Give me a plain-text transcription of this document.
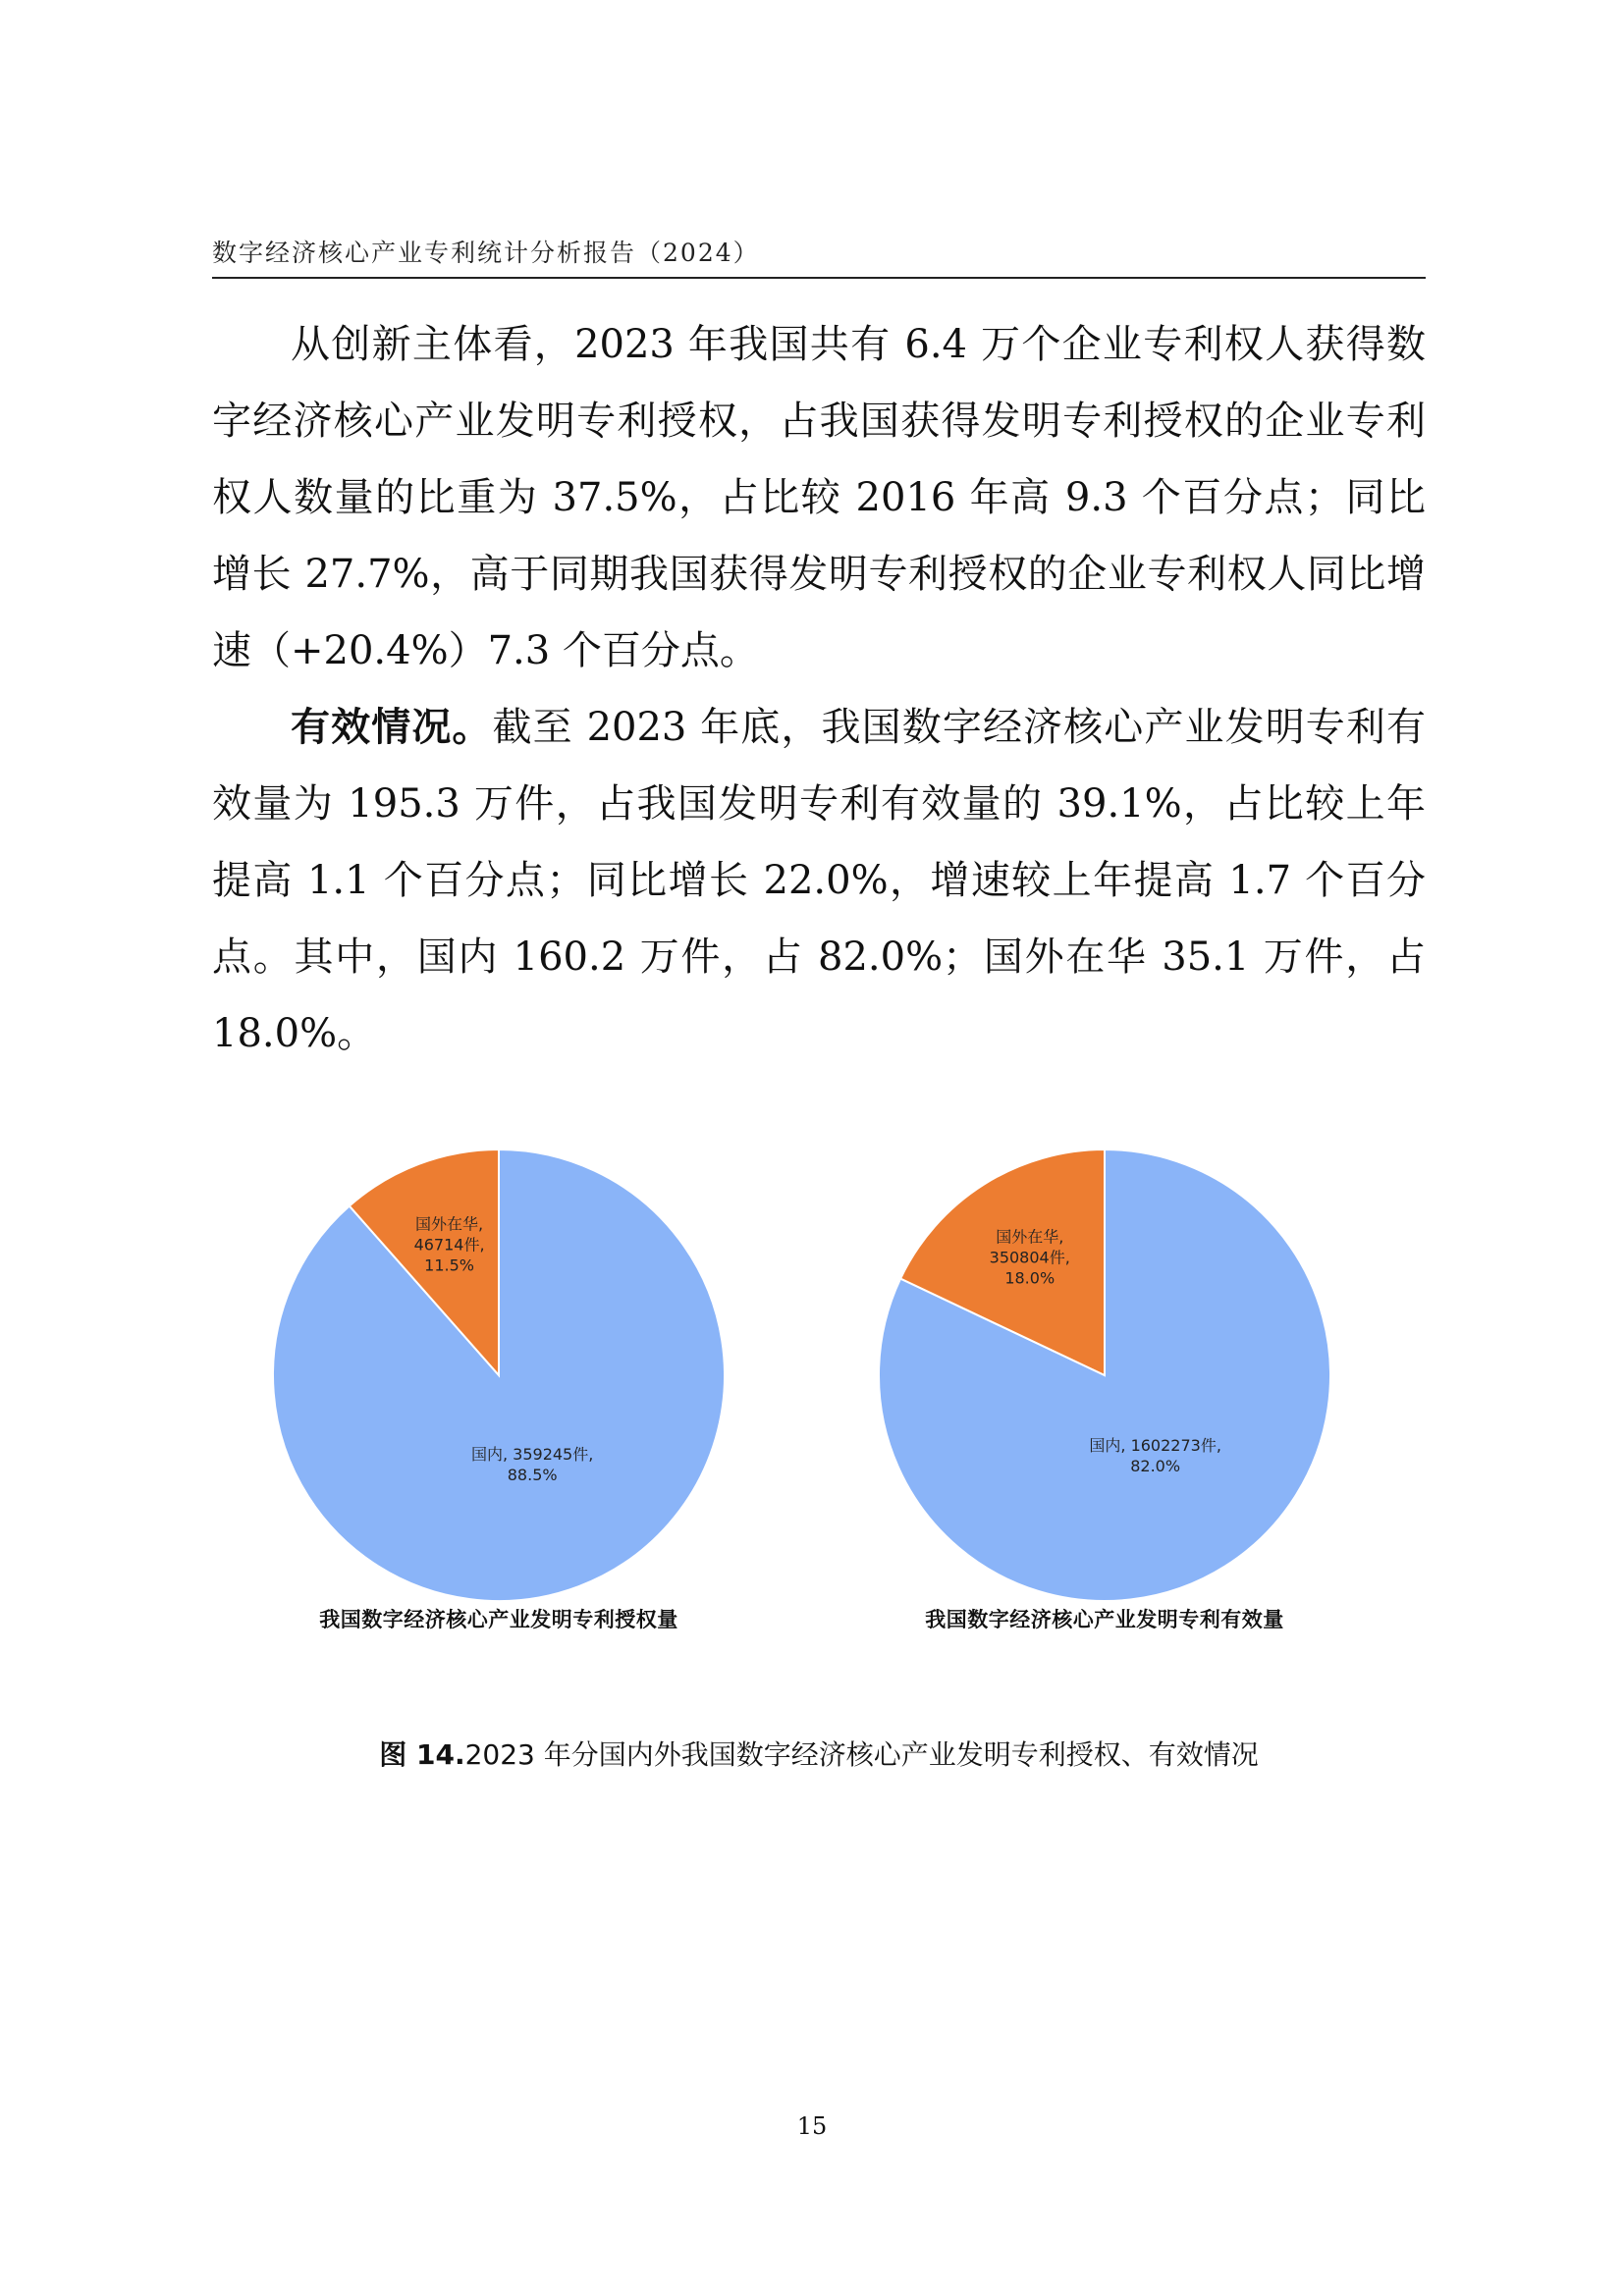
数字经济核心产业专利统计分析报告（2024）

从创新主体看，2023 年我国共有 6.4 万个企业专利权人获得数字经济核心产业发明专利授权，占我国获得发明专利授权的企业专利权人数量的比重为 37.5%，占比较 2016 年高 9.3 个百分点；同比增长 27.7%，高于同期我国获得发明专利授权的企业专利权人同比增速（+20.4%）7.3 个百分点。

有效情况。截至 2023 年底，我国数字经济核心产业发明专利有效量为 195.3 万件，占我国发明专利有效量的 39.1%，占比较上年提高 1.1 个百分点；同比增长 22.0%，增速较上年提高 1.7 个百分点。其中，国内 160.2 万件，占 82.0%；国外在华 35.1 万件，占 18.0%。

国内, 359245件, 88.5%
国外在华, 46714件, 11.5%
我国数字经济核心产业发明专利授权量
国内, 1602273件, 82.0%
国外在华, 350804件, 18.0%
我国数字经济核心产业发明专利有效量
图 14.2023 年分国内外我国数字经济核心产业发明专利授权、有效情况
15
